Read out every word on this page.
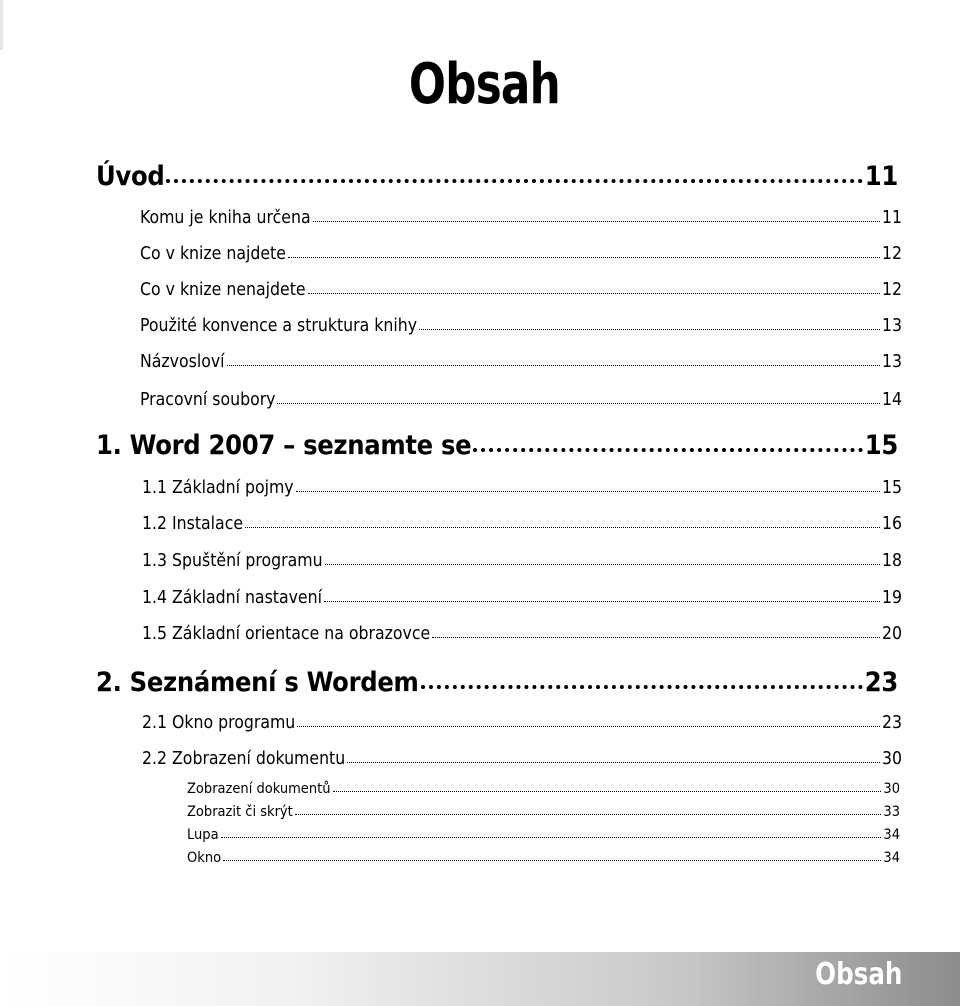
Obsah
Úvod	11
Komu je kniha určena	11
Co v knize najdete	12
Co v knize nenajdete	12
Použité konvence a struktura knihy	13
Názvosloví	13
Pracovní soubory	14
1. Word 2007 – seznamte se	15
1.1 Základní pojmy	15
1.2 Instalace	16
1.3 Spuštění programu	18
1.4 Základní nastavení	19
1.5 Základní orientace na obrazovce	20
2. Seznámení s Wordem	23
2.1 Okno programu	23
2.2 Zobrazení dokumentu	30
Zobrazení dokumentů	30
Zobrazit či skrýt	33
Lupa	34
Okno	34
Obsah
